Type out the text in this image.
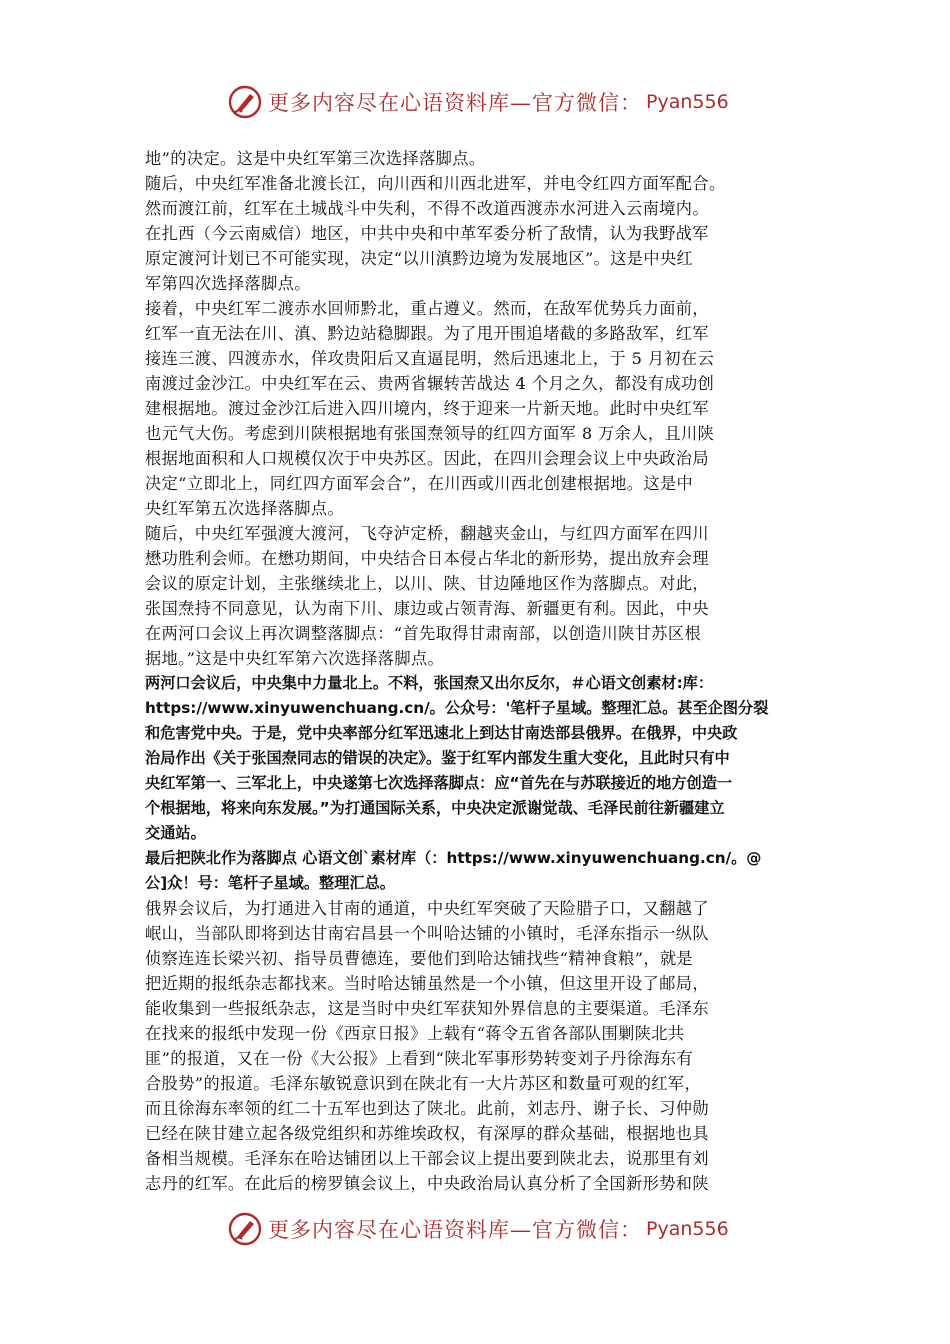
更多内容尽在心语资料库—官方微信： Pyan556

地”的决定。这是中央红军第三次选择落脚点。

随后，中央红军准备北渡长江，向川西和川西北进军，并电令红四方面军配合。
然而渡江前，红军在土城战斗中失利，不得不改道西渡赤水河进入云南境内。
在扎西（今云南威信）地区，中共中央和中革军委分析了敌情，认为我野战军
原定渡河计划已不可能实现，决定“以川滇黔边境为发展地区”。这是中央红
军第四次选择落脚点。

接着，中央红军二渡赤水回师黔北，重占遵义。然而，在敌军优势兵力面前，
红军一直无法在川、滇、黔边站稳脚跟。为了甩开围追堵截的多路敌军，红军
接连三渡、四渡赤水，佯攻贵阳后又直逼昆明，然后迅速北上，于 5 月初在云
南渡过金沙江。中央红军在云、贵两省辗转苦战达 4 个月之久，都没有成功创
建根据地。渡过金沙江后进入四川境内，终于迎来一片新天地。此时中央红军
也元气大伤。考虑到川陕根据地有张国焘领导的红四方面军 8 万余人，且川陕
根据地面积和人口规模仅次于中央苏区。因此，在四川会理会议上中央政治局
决定“立即北上，同红四方面军会合”，在川西或川西北创建根据地。这是中
央红军第五次选择落脚点。

随后，中央红军强渡大渡河，飞夺泸定桥，翻越夹金山，与红四方面军在四川
懋功胜利会师。在懋功期间，中央结合日本侵占华北的新形势，提出放弃会理
会议的原定计划，主张继续北上，以川、陕、甘边陲地区作为落脚点。对此，
张国焘持不同意见，认为南下川、康边或占领青海、新疆更有利。因此，中央
在两河口会议上再次调整落脚点：“首先取得甘肃南部，以创造川陕甘苏区根
据地。”这是中央红军第六次选择落脚点。

两河口会议后，中央集中力量北上。不料，张国焘又出尔反尔，＃心语文创素材:库：
https://www.xinyuwenchuang.cn/。公众号：'笔杆子星域。整理汇总。甚至企图分裂
和危害党中央。于是，党中央率部分红军迅速北上到达甘南迭部县俄界。在俄界，中央政
治局作出《关于张国焘同志的错误的决定》。鉴于红军内部发生重大变化，且此时只有中
央红军第一、三军北上，中央遂第七次选择落脚点：应“首先在与苏联接近的地方创造一
个根据地，将来向东发展。”为打通国际关系，中央决定派谢觉哉、毛泽民前往新疆建立
交通站。

最后把陕北作为落脚点 心语文创`素材库（：https://www.xinyuwenchuang.cn/。@
公]众！号：笔杆子星域。整理汇总。

俄界会议后，为打通进入甘南的通道，中央红军突破了天险腊子口，又翻越了
岷山，当部队即将到达甘南宕昌县一个叫哈达铺的小镇时，毛泽东指示一纵队
侦察连连长梁兴初、指导员曹德连，要他们到哈达铺找些“精神食粮”，就是
把近期的报纸杂志都找来。当时哈达铺虽然是一个小镇，但这里开设了邮局，
能收集到一些报纸杂志，这是当时中央红军获知外界信息的主要渠道。毛泽东
在找来的报纸中发现一份《西京日报》上载有“蒋令五省各部队围剿陕北共
匪”的报道，又在一份《大公报》上看到“陕北军事形势转变刘子丹徐海东有
合股势”的报道。毛泽东敏锐意识到在陕北有一大片苏区和数量可观的红军，
而且徐海东率领的红二十五军也到达了陕北。此前，刘志丹、谢子长、习仲勋
已经在陕甘建立起各级党组织和苏维埃政权，有深厚的群众基础，根据地也具
备相当规模。毛泽东在哈达铺团以上干部会议上提出要到陕北去，说那里有刘
志丹的红军。在此后的榜罗镇会议上，中央政治局认真分析了全国新形势和陕

更多内容尽在心语资料库—官方微信： Pyan556
